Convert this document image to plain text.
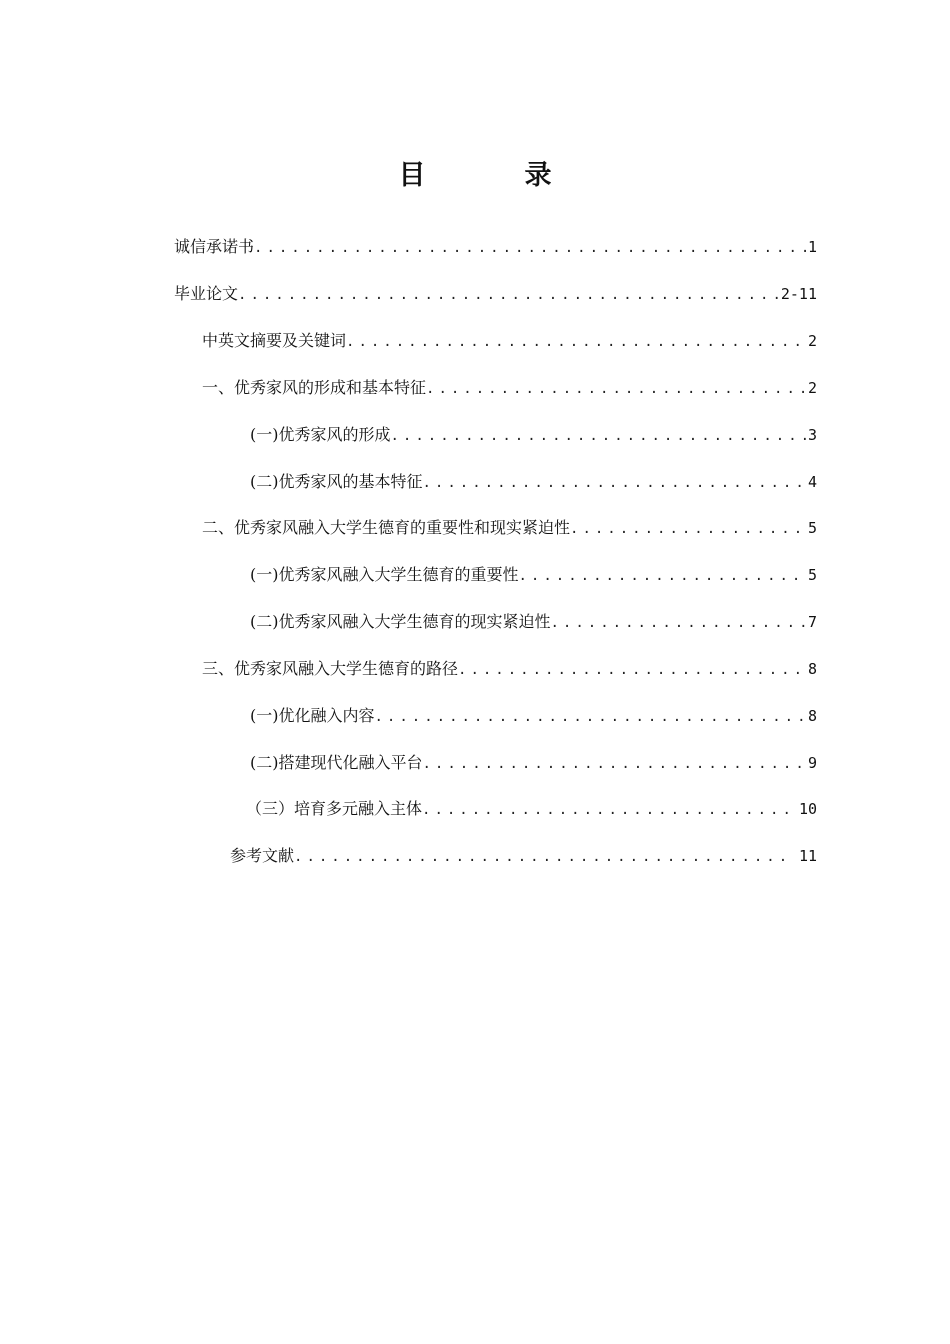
目　录
诚信承诺书 .....	1
毕业论文 .....	2-11
中英文摘要及关键词 .....	2
一、优秀家风的形成和基本特征 .....	2
(一)优秀家风的形成 .....	3
(二)优秀家风的基本特征 .....	4
二、优秀家风融入大学生德育的重要性和现实紧迫性 .....	5
(一)优秀家风融入大学生德育的重要性 .....	5
(二)优秀家风融入大学生德育的现实紧迫性 .....	7
三、优秀家风融入大学生德育的路径 .....	8
(一)优化融入内容 .....	8
(二)搭建现代化融入平台 .....	9
（三）培育多元融入主体 .....	10
参考文献 .....	11
